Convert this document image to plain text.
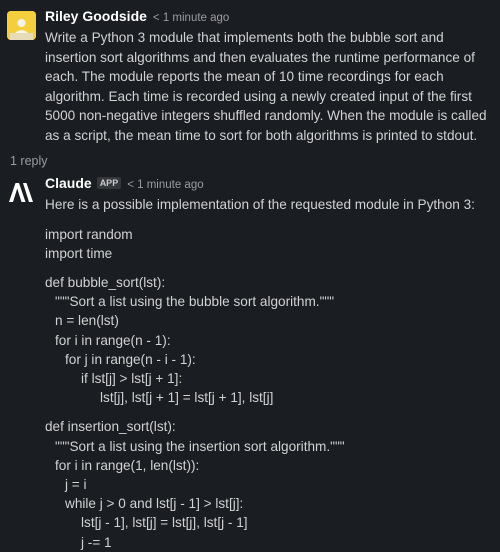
Riley Goodside < 1 minute ago
Write a Python 3 module that implements both the bubble sort and insertion sort algorithms and then evaluates the runtime performance of each. The module reports the mean of 10 time recordings for each algorithm. Each time is recorded using a newly created input of the first 5000 non-negative integers shuffled randomly. When the module is called as a script, the mean time to sort for both algorithms is printed to stdout.
1 reply
Claude APP < 1 minute ago
Here is a possible implementation of the requested module in Python 3:
import random
import time
def bubble_sort(lst):
"""Sort a list using the bubble sort algorithm."""
n = len(lst)
for i in range(n - 1):
for j in range(n - i - 1):
if lst[j] > lst[j + 1]:
lst[j], lst[j + 1] = lst[j + 1], lst[j]
def insertion_sort(lst):
"""Sort a list using the insertion sort algorithm."""
for i in range(1, len(lst)):
j = i
while j > 0 and lst[j - 1] > lst[j]:
lst[j - 1], lst[j] = lst[j], lst[j - 1]
j -= 1
